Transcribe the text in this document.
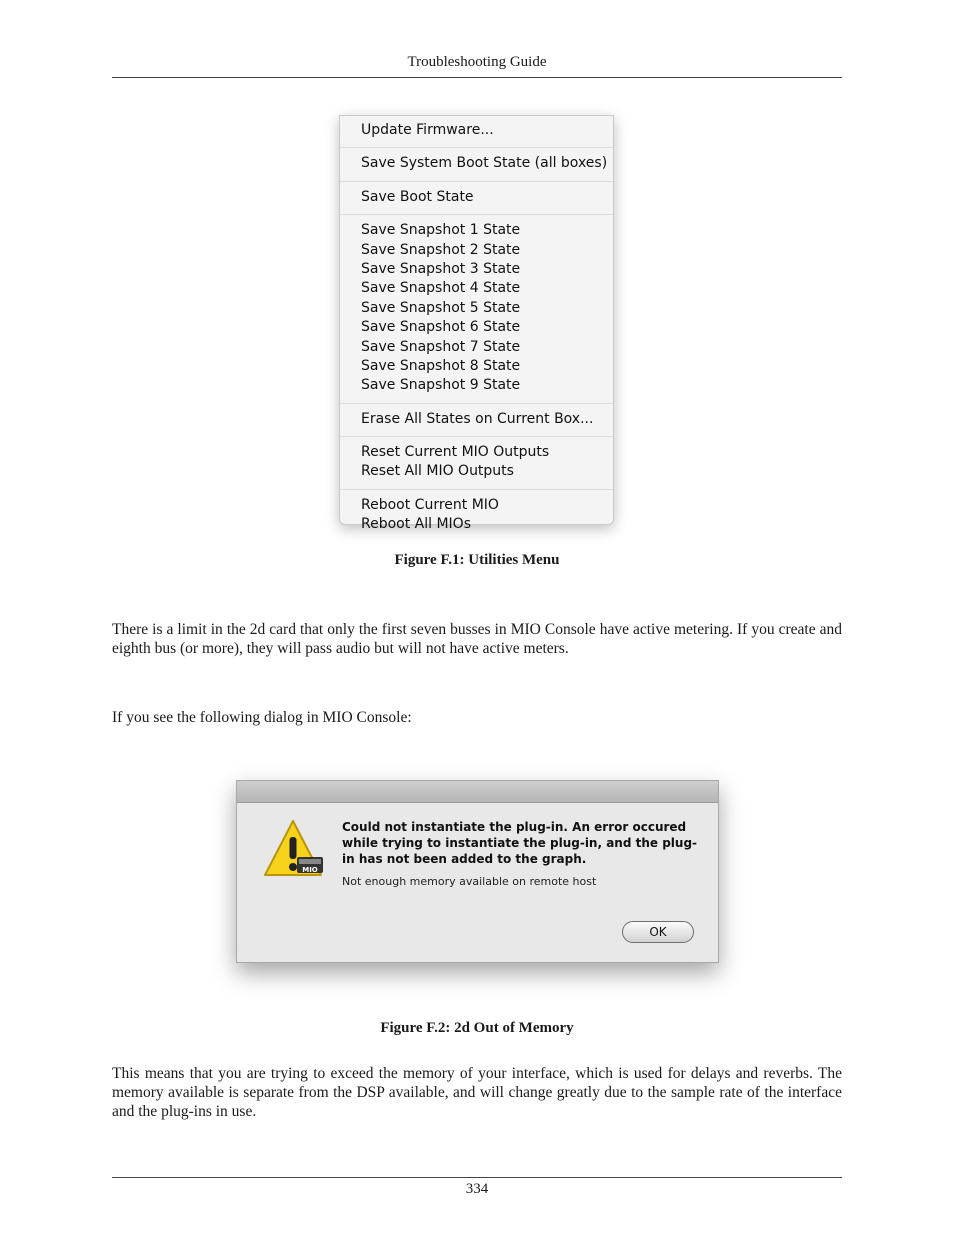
Troubleshooting Guide
Update Firmware...
Save System Boot State (all boxes)
Save Boot State
Save Snapshot 1 State
Save Snapshot 2 State
Save Snapshot 3 State
Save Snapshot 4 State
Save Snapshot 5 State
Save Snapshot 6 State
Save Snapshot 7 State
Save Snapshot 8 State
Save Snapshot 9 State
Erase All States on Current Box...
Reset Current MIO Outputs
Reset All MIO Outputs
Reboot Current MIO
Reboot All MIOs
Figure F.1: Utilities Menu

There is a limit in the 2d card that only the first seven busses in MIO Console have active metering. If you create and eighth bus (or more), they will pass audio but will not have active meters.

If you see the following dialog in MIO Console:

MIO
Could not instantiate the plug-in. An error occured while trying to instantiate the plug-in, and the plug-in has not been added to the graph.
Not enough memory available on remote host
OK
Figure F.2: 2d Out of Memory

This means that you are trying to exceed the memory of your interface, which is used for delays and reverbs. The memory available is separate from the DSP available, and will change greatly due to the sample rate of the interface and the plug-ins in use.

334
